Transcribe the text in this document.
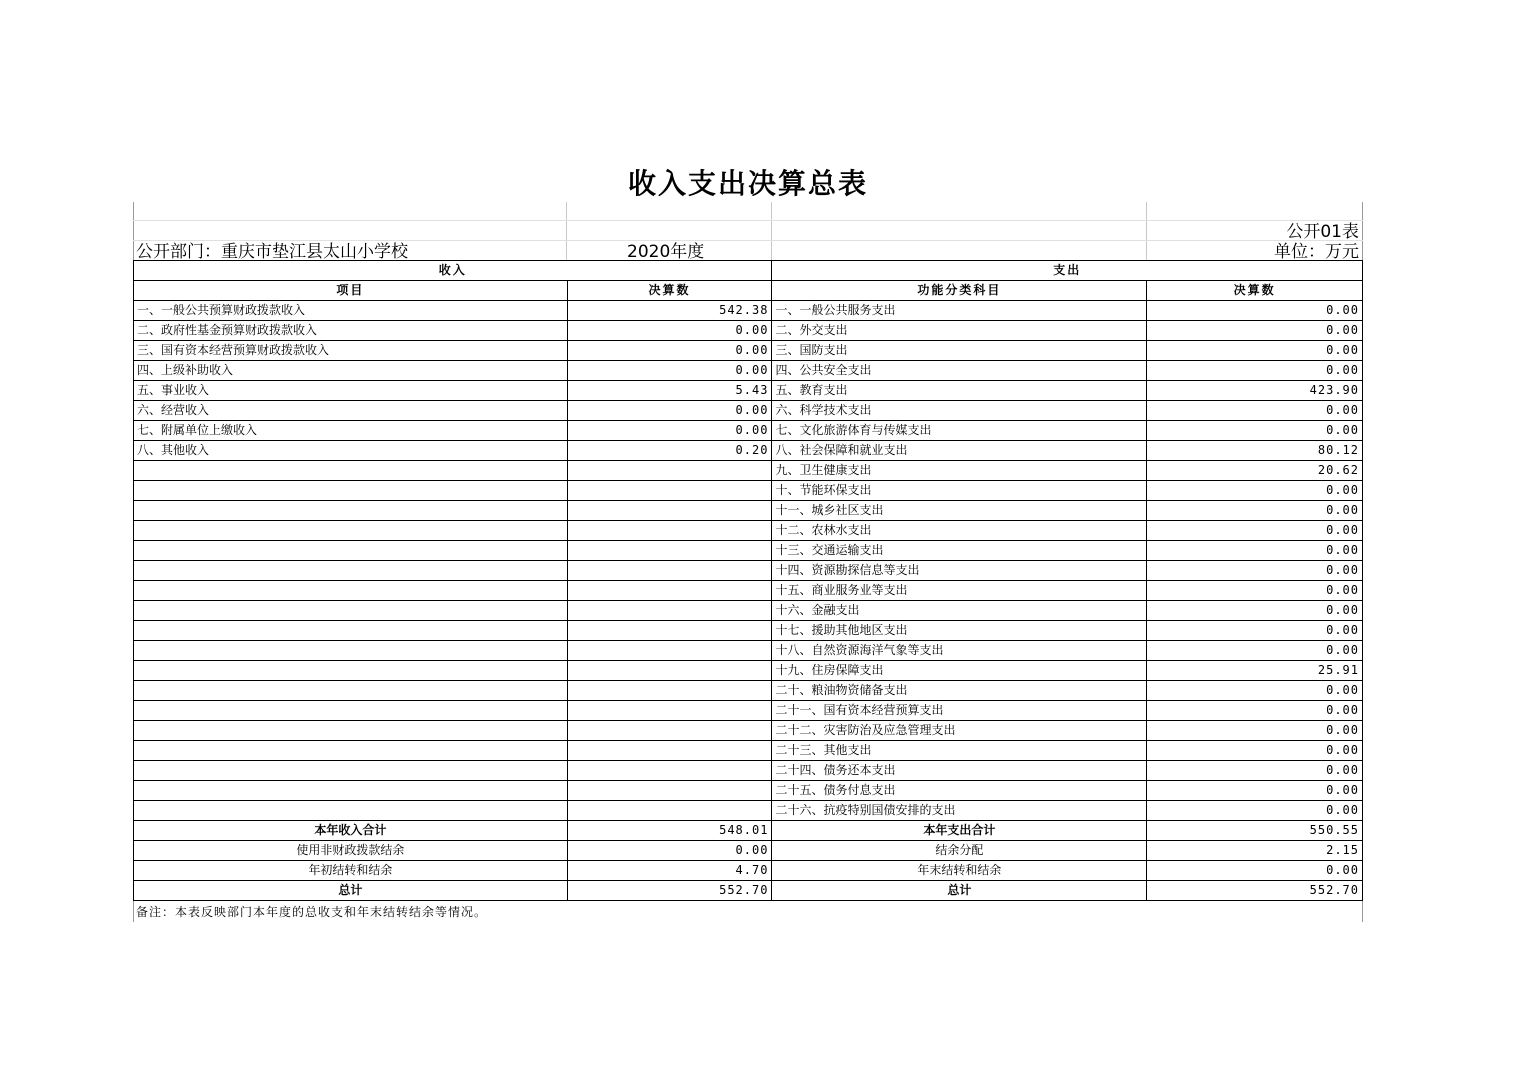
收入支出决算总表
公开01表
公开部门：重庆市垫江县太山小学校	2020年度	单位：万元
收入		支出	
项目	决算数	功能分类科目	决算数
一、一般公共预算财政拨款收入	542.38	一、一般公共服务支出	0.00
二、政府性基金预算财政拨款收入	0.00	二、外交支出	0.00
三、国有资本经营预算财政拨款收入	0.00	三、国防支出	0.00
四、上级补助收入	0.00	四、公共安全支出	0.00
五、事业收入	5.43	五、教育支出	423.90
六、经营收入	0.00	六、科学技术支出	0.00
七、附属单位上缴收入	0.00	七、文化旅游体育与传媒支出	0.00
八、其他收入	0.20	八、社会保障和就业支出	80.12
		九、卫生健康支出	20.62
		十、节能环保支出	0.00
		十一、城乡社区支出	0.00
		十二、农林水支出	0.00
		十三、交通运输支出	0.00
		十四、资源勘探信息等支出	0.00
		十五、商业服务业等支出	0.00
		十六、金融支出	0.00
		十七、援助其他地区支出	0.00
		十八、自然资源海洋气象等支出	0.00
		十九、住房保障支出	25.91
		二十、粮油物资储备支出	0.00
		二十一、国有资本经营预算支出	0.00
		二十二、灾害防治及应急管理支出	0.00
		二十三、其他支出	0.00
		二十四、债务还本支出	0.00
		二十五、债务付息支出	0.00
		二十六、抗疫特别国债安排的支出	0.00
本年收入合计	548.01	本年支出合计	550.55
使用非财政拨款结余	0.00	结余分配	2.15
年初结转和结余	4.70	年末结转和结余	0.00
总计	552.70	总计	552.70
备注：本表反映部门本年度的总收支和年末结转结余等情况。
